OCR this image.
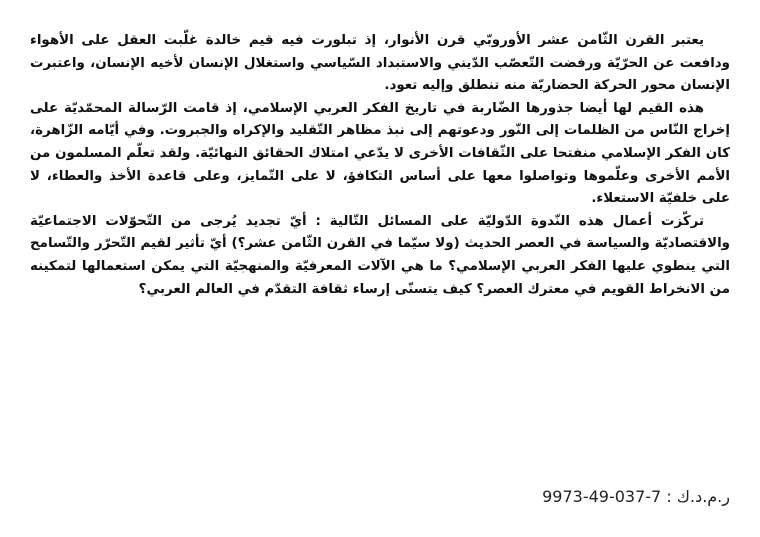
يعتبر القرن الثّامن عشر الأوروبّي قرن الأنوار، إذ تبلورت فيه قيم خالدة غلّبت العقل على الأهواء ودافعت عن الحرّيّة ورفضت التّعصّب الدّيني والاستبداد السّياسي واستغلال الإنسان لأخيه الإنسان، واعتبرت الإنسان محور الحركة الحضاريّة منه تنطلق وإليه تعود.

هذه القيم لها أيضا جذورها الضّاربة في تاريخ الفكر العربي الإسلامي، إذ قامت الرّسالة المحمّديّة على إخراج النّاس من الظلمات إلى النّور ودعوتهم إلى نبذ مظاهر التّقليد والإكراه والجبروت. وفي أيّامه الزّاهرة، كان الفكر الإسلامي منفتحا على الثّقافات الأخرى لا يدّعي امتلاك الحقائق النهائيّة. ولقد تعلّم المسلمون من الأمم الأخرى وعلّموها وتواصلوا معها على أساس التكافؤ، لا على التّمايز، وعلى قاعدة الأخذ والعطاء، لا على خلفيّة الاستعلاء.

تركّزت أعمال هذه النّدوة الدّوليّة على المسائل التّالية : أيّ تجديد يُرجى من التّحوّلات الاجتماعيّة والاقتصاديّة والسياسة في العصر الحديث (ولا سيّما في القرن الثّامن عشر؟) أيّ تأثير لقيم التّحرّر والتّسامح التي ينطوي عليها الفكر العربي الإسلامي؟ ما هي الآلات المعرفيّة والمنهجيّة التي يمكن استعمالها لتمكينه من الانخراط القويم في معترك العصر؟ كيف يتسنّى إرساء ثقافة التقدّم في العالم العربي؟

ر.م.د.ك : 9973-49-037-7
